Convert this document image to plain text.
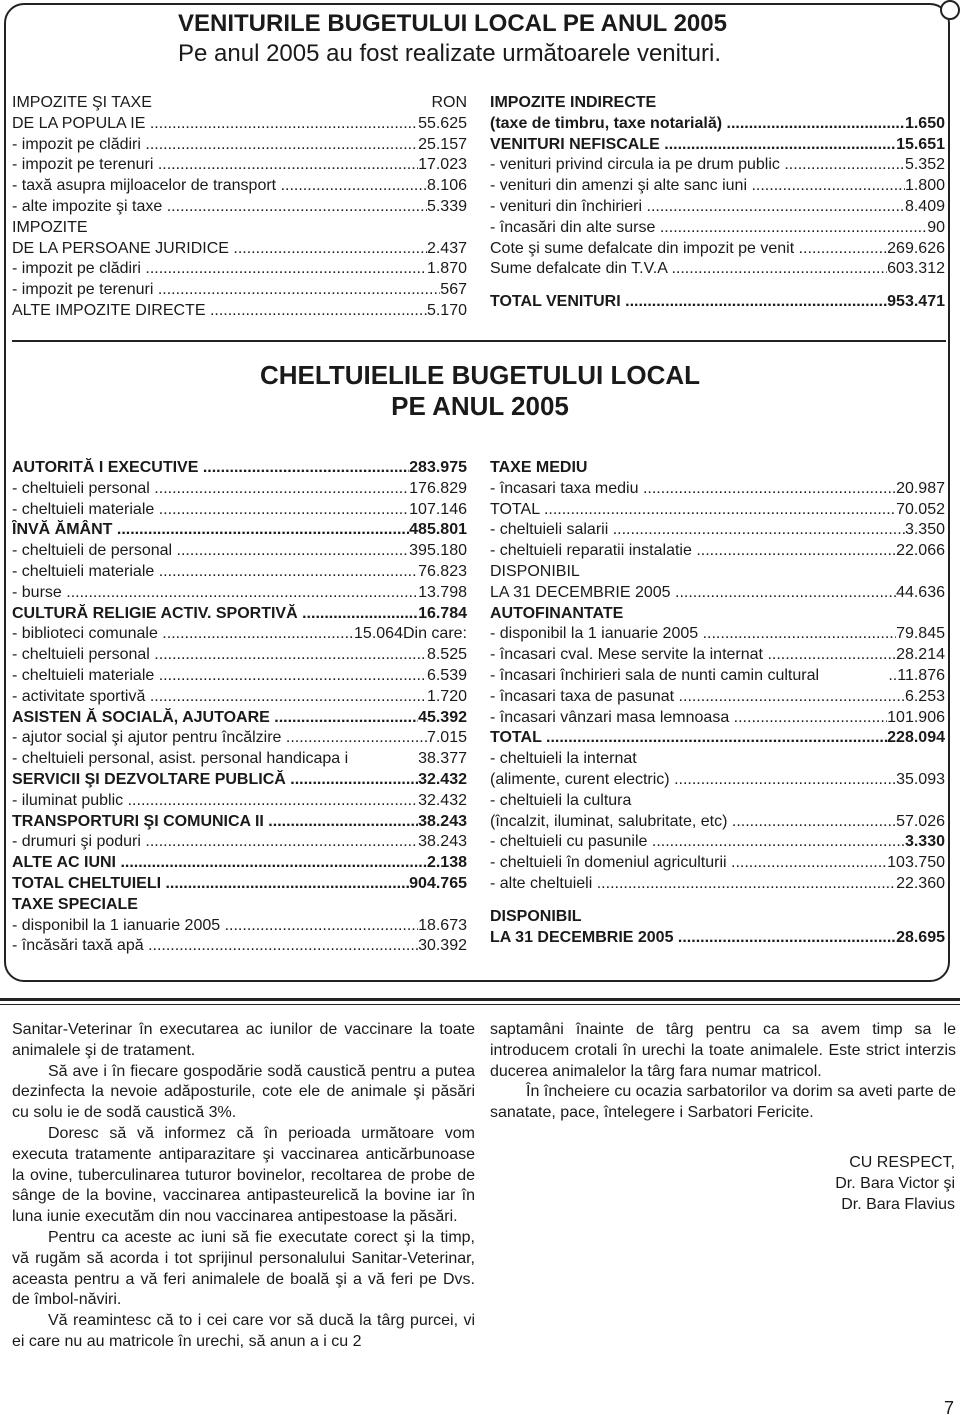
VENITURILE BUGETULUI LOCAL PE ANUL 2005
Pe anul 2005 au fost realizate următoarele venituri.
IMPOZITE ŞI TAXE	RON
DE LA POPULA IE .....	55.625
- impozit pe clădiri .....	25.157
- impozit pe terenuri .....	17.023
- taxă asupra mijloacelor de transport .....	8.106
- alte impozite şi taxe .....	5.339
IMPOZITE
DE LA PERSOANE JURIDICE .....	2.437
- impozit pe clădiri .....	1.870
- impozit pe terenuri .....	567
ALTE IMPOZITE DIRECTE .....	5.170
IMPOZITE INDIRECTE
(taxe de timbru, taxe notarială) .....	1.650
VENITURI NEFISCALE .....	15.651
- venituri privind circula ia pe drum public .....	5.352
- venituri din amenzi şi alte sanc iuni .....	1.800
- venituri din închirieri .....	8.409
- încasări din alte surse .....	90
Cote şi sume defalcate din impozit pe venit .....	269.626
Sume defalcate din T.V.A .....	603.312
TOTAL VENITURI .....	953.471
CHELTUIELILE BUGETULUI LOCAL
PE ANUL 2005
AUTORITĂ I EXECUTIVE .....	283.975
- cheltuieli personal .....	176.829
- cheltuieli materiale .....	107.146
ÎNVĂ ĂMÂNT .....	485.801
- cheltuieli de personal .....	395.180
- cheltuieli materiale .....	76.823
- burse .....	13.798
CULTURĂ RELIGIE ACTIV. SPORTIVĂ .....	16.784
- biblioteci comunale .....	15.064Din care:
- cheltuieli personal .....	8.525
- cheltuieli materiale .....	6.539
- activitate sportivă .....	1.720
ASISTEN Ă SOCIALĂ, AJUTOARE .....	45.392
- ajutor social şi ajutor pentru încălzire .....	7.015
- cheltuieli personal, asist. personal handicapa i	38.377
SERVICII ŞI DEZVOLTARE PUBLICĂ .....	32.432
- iluminat public .....	32.432
TRANSPORTURI ŞI COMUNICA II .....	38.243
- drumuri şi poduri .....	38.243
ALTE AC IUNI .....	2.138
TOTAL CHELTUIELI .....	904.765
TAXE SPECIALE
- disponibil la 1 ianuarie 2005 .....	18.673
- încăsări taxă apă .....	30.392
TAXE MEDIU
- încasari taxa mediu .....	20.987
TOTAL .....	70.052
- cheltuieli salarii .....	3.350
- cheltuieli reparatii instalatie .....	22.066
DISPONIBIL
LA 31 DECEMBRIE 2005 .....	44.636
AUTOFINANTATE
- disponibil la 1 ianuarie 2005 .....	79.845
- încasari cval. Mese servite la internat .....	28.214
- încasari închirieri sala de nunti camin cultural	..11.876
- încasari taxa de pasunat .....	6.253
- încasari vânzari masa lemnoasa .....	101.906
TOTAL .....	228.094
- cheltuieli la internat
(alimente, curent electric) .....	35.093
- cheltuieli la cultura
(încalzit, iluminat, salubritate, etc) .....	57.026
- cheltuieli cu pasunile .....	3.330
- cheltuieli în domeniul agriculturii .....	103.750
- alte cheltuieli .....	22.360
DISPONIBIL
LA 31 DECEMBRIE 2005 .....	28.695

Sanitar-Veterinar în executarea ac iunilor de vaccinare la toate animalele şi de tratament.

Să ave i în fiecare gospodărie sodă caustică pentru a putea dezinfecta la nevoie adăposturile, cote ele de animale şi păsări cu solu ie de sodă caustică 3%.

Doresc să vă informez că în perioada următoare vom executa tratamente antiparazitare şi vaccinarea anticărbunoase la ovine, tuberculinarea tuturor bovinelor, recoltarea de probe de sânge de la bovine, vaccinarea antipasteurelică la bovine iar în luna iunie executăm din nou vaccinarea antipestoase la păsări.

Pentru ca aceste ac iuni să fie executate corect şi la timp, vă rugăm să acorda i tot sprijinul personalului Sanitar-Veterinar, aceasta pentru a vă feri animalele de boală şi a vă feri pe Dvs. de îmbol-năviri.

Vă reamintesc că to i cei care vor să ducă la târg purcei, vi ei care nu au matricole în urechi, să anun a i cu 2

saptamâni înainte de târg pentru ca sa avem timp sa le introducem crotali în urechi la toate animalele. Este strict interzis ducerea animalelor la târg fara numar matricol.

În încheiere cu ocazia sarbatorilor va dorim sa aveti parte de sanatate, pace, întelegere i Sarbatori Fericite.

CU RESPECT,
Dr. Bara Victor şi
Dr. Bara Flavius
7
